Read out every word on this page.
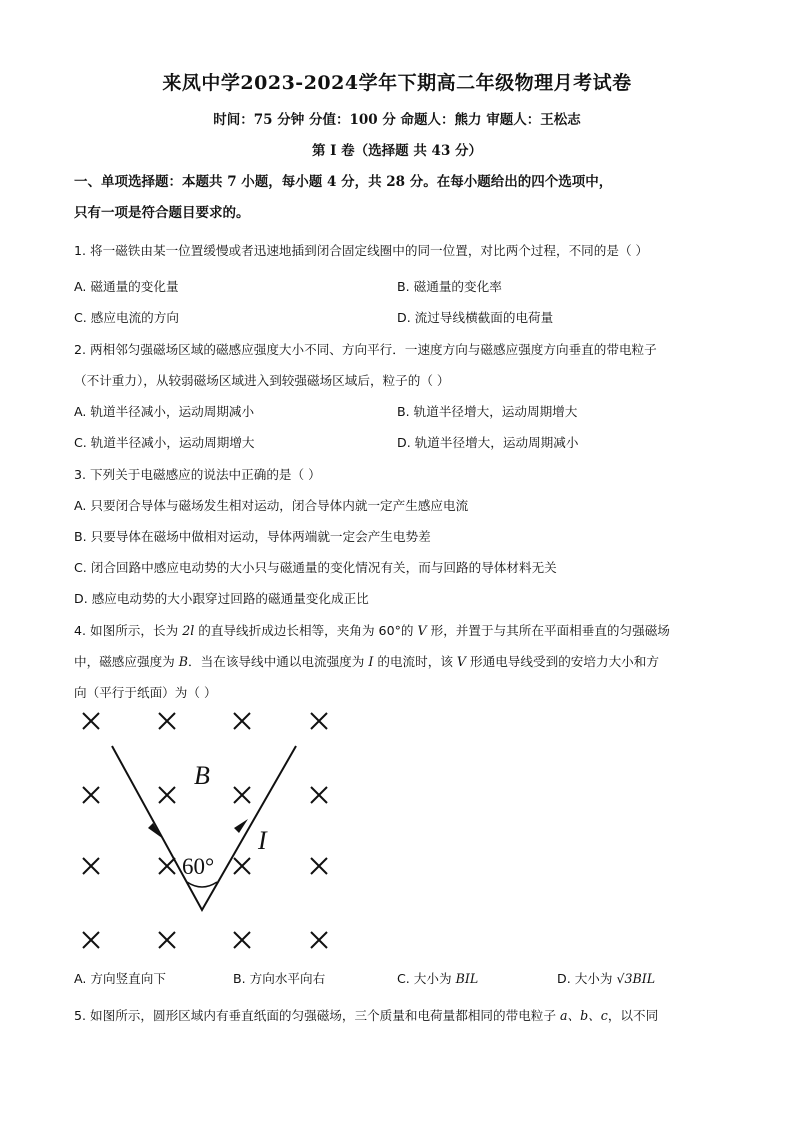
来凤中学2023-2024学年下期高二年级物理月考试卷
时间：75 分钟 分值：100 分 命题人：熊力 审题人：王松志
第 I 卷（选择题 共 43 分）
一、单项选择题：本题共 7 小题，每小题 4 分，共 28 分。在每小题给出的四个选项中，
只有一项是符合题目要求的。
1. 将一磁铁由某一位置缓慢或者迅速地插到闭合固定线圈中的同一位置，对比两个过程，不同的是（ ）
A. 磁通量的变化量	B. 磁通量的变化率
C. 感应电流的方向	D. 流过导线横截面的电荷量
2. 两相邻匀强磁场区域的磁感应强度大小不同、方向平行．一速度方向与磁感应强度方向垂直的带电粒子
（不计重力），从较弱磁场区域进入到较强磁场区域后，粒子的（ ）
A. 轨道半径减小，运动周期减小	B. 轨道半径增大，运动周期增大
C. 轨道半径减小，运动周期增大	D. 轨道半径增大，运动周期减小
3. 下列关于电磁感应的说法中正确的是（ ）
A. 只要闭合导体与磁场发生相对运动，闭合导体内就一定产生感应电流
B. 只要导体在磁场中做相对运动，导体两端就一定会产生电势差
C. 闭合回路中感应电动势的大小只与磁通量的变化情况有关，而与回路的导体材料无关
D. 感应电动势的大小跟穿过回路的磁通量变化成正比
4. 如图所示，长为 2l 的直导线折成边长相等，夹角为 60°的 V 形，并置于与其所在平面相垂直的匀强磁场
中，磁感应强度为 B．当在该导线中通以电流强度为 I 的电流时，该 V 形通电导线受到的安培力大小和方
向（平行于纸面）为（ ）
B
I
60°
A. 方向竖直向下	B. 方向水平向右	C. 大小为 BIL	D. 大小为 √3BIL
5. 如图所示，圆形区域内有垂直纸面的匀强磁场，三个质量和电荷量都相同的带电粒子 a、b、c，以不同
